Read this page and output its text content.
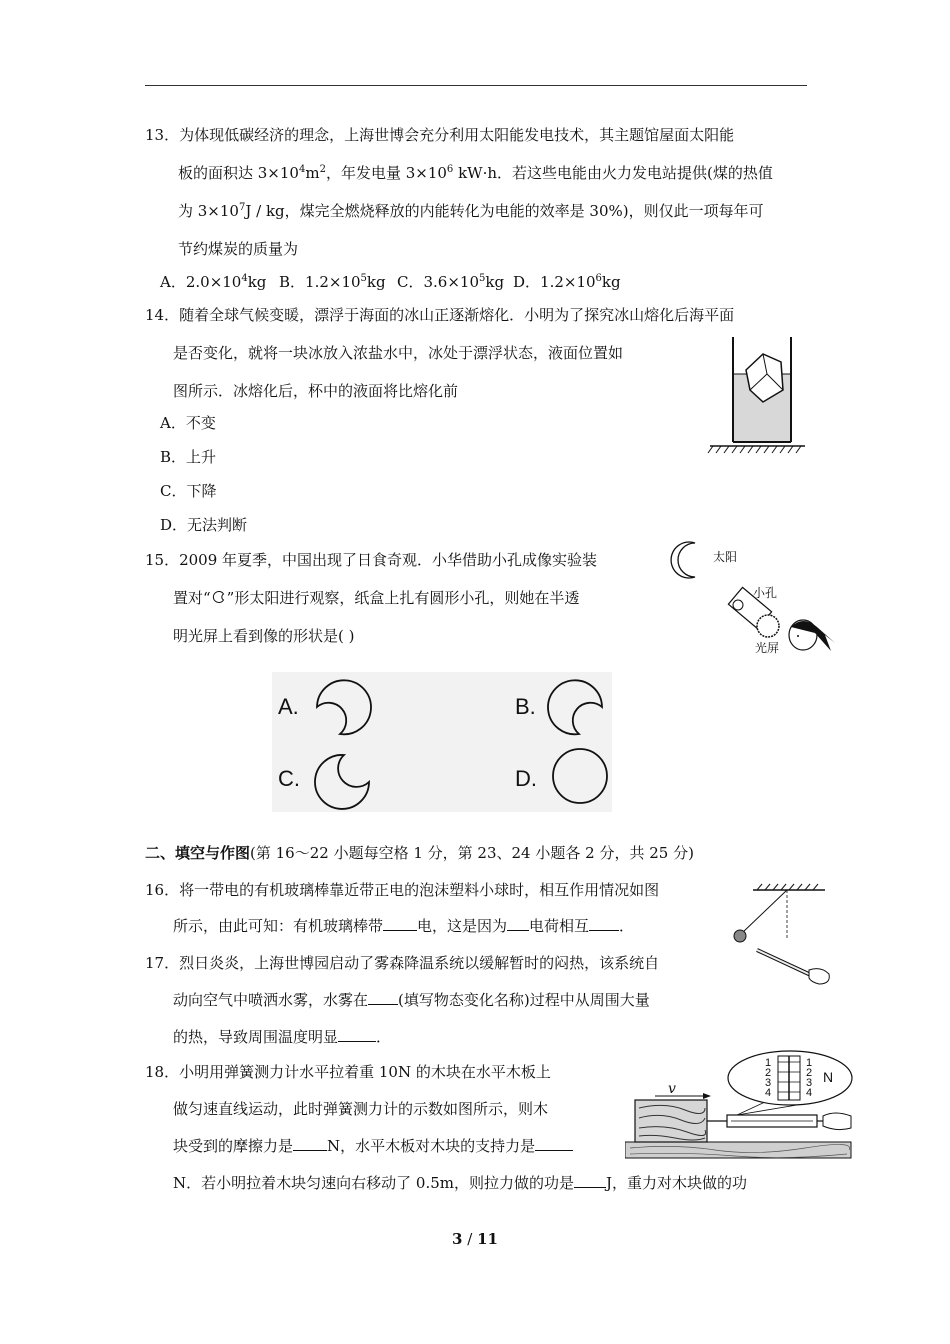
13．为体现低碳经济的理念，上海世博会充分利用太阳能发电技术，其主题馆屋面太阳能
板的面积达 $3\times 10^4m^2$，年发电量 $3\times 10^6$ kW·h．若这些电能由火力发电站提供(煤的热值
为 $3\times 10^7J$ / kg，煤完全燃烧释放的内能转化为电能的效率是 30%)，则仅此一项每年可
节约煤炭的质量为
A．$2.0\times 10^4kg$ B．$1.2\times 10^5kg$ C．$3.6\times 10^5kg$ D．$1.2\times 10^6kg$
14．随着全球气候变暖，漂浮于海面的冰山正逐渐熔化．小明为了探究冰山熔化后海平面
是否变化，就将一块冰放入浓盐水中，冰处于漂浮状态，液面位置如
图所示．冰熔化后，杯中的液面将比熔化前
A．不变
B．上升
C．下降
D．无法判断
15．2009 年夏季，中国出现了日食奇观．小华借助小孔成像实验装
置对“ ”形太阳进行观察，纸盒上扎有圆形小孔，则她在半透
明光屏上看到像的形状是( )
太阳
小孔
光屏
A.	B.
C.	D.
二、填空与作图(第 16～22 小题每空格 1 分，第 23、24 小题各 2 分，共 25 分)
16．将一带电的有机玻璃棒靠近带正电的泡沫塑料小球时，相互作用情况如图
所示，由此可知：有机玻璃棒带 电，这是因为 电荷相互 ．
17．烈日炎炎，上海世博园启动了雾森降温系统以缓解暂时的闷热，该系统自
动向空气中喷洒水雾，水雾在 (填写物态变化名称)过程中从周围大量
的热，导致周围温度明显	．
18．小明用弹簧测力计水平拉着重 10N 的木块在水平木板上
做匀速直线运动，此时弹簧测力计的示数如图所示，则木
块受到的摩擦力是 N，水平木板对木块的支持力是
N．若小明拉着木块匀速向右移动了 0.5m，则拉力做的功是 J，重力对木块做的功
v
1
2
3
4
1
2
3
4
N
3 / 11
